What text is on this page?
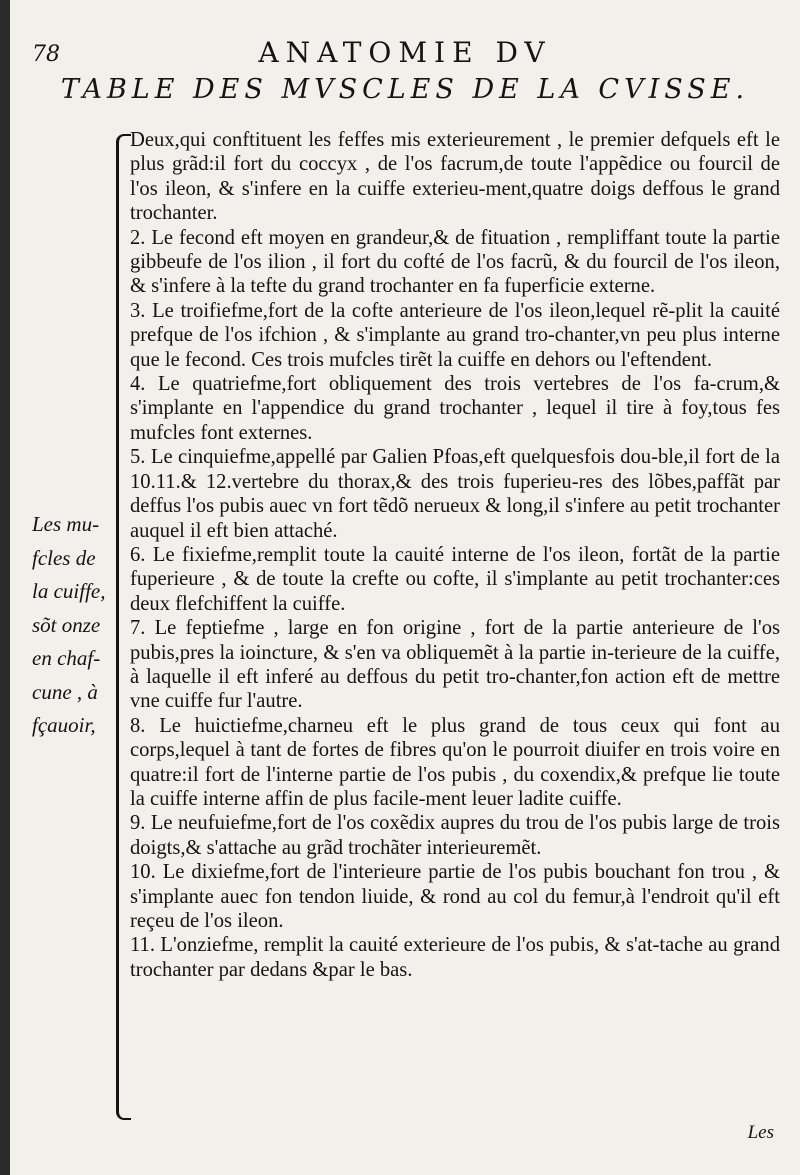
78	ANATOMIE DV
TABLE DES MVSCLES DE LA CVISSE.
Les mu-
fcles de
la cuiffe,
sõt onze
en chaf-
cune , à
fçauoir,

Deux,qui conftituent les feffes mis exterieurement , le premier defquels eft le plus grãd:il fort du coccyx , de l'os facrum,de toute l'appẽdice ou fourcil de l'os ileon, & s'infere en la cuiffe exterieu-ment,quatre doigs deffous le grand trochanter.

2. Le fecond eft moyen en grandeur,& de fituation , rempliffant toute la partie gibbeufe de l'os ilion , il fort du cofté de l'os facrũ, & du fourcil de l'os ileon, & s'infere à la tefte du grand trochanter en fa fuperficie externe.

3. Le troifiefme,fort de la cofte anterieure de l'os ileon,lequel rẽ-plit la cauité prefque de l'os ifchion , & s'implante au grand tro-chanter,vn peu plus interne que le fecond. Ces trois mufcles tirẽt la cuiffe en dehors ou l'eftendent.

4. Le quatriefme,fort obliquement des trois vertebres de l'os fa-crum,& s'implante en l'appendice du grand trochanter , lequel il tire à foy,tous fes mufcles font externes.

5. Le cinquiefme,appellé par Galien Pfoas,eft quelquesfois dou-ble,il fort de la 10.11.& 12.vertebre du thorax,& des trois fuperieu-res des lõbes,paffãt par deffus l'os pubis auec vn fort tẽdõ nerueux & long,il s'infere au petit trochanter auquel il eft bien attaché.

6. Le fixiefme,remplit toute la cauité interne de l'os ileon, fortãt de la partie fuperieure , & de toute la crefte ou cofte, il s'implante au petit trochanter:ces deux flefchiffent la cuiffe.

7. Le feptiefme , large en fon origine , fort de la partie anterieure de l'os pubis,pres la ioincture, & s'en va obliquemẽt à la partie in-terieure de la cuiffe, à laquelle il eft inferé au deffous du petit tro-chanter,fon action eft de mettre vne cuiffe fur l'autre.

8. Le huictiefme,charneu eft le plus grand de tous ceux qui font au corps,lequel à tant de fortes de fibres qu'on le pourroit diuifer en trois voire en quatre:il fort de l'interne partie de l'os pubis , du coxendix,& prefque lie toute la cuiffe interne affin de plus facile-ment leuer ladite cuiffe.

9. Le neufuiefme,fort de l'os coxẽdix aupres du trou de l'os pubis large de trois doigts,& s'attache au grãd trochãter interieuremẽt.

10. Le dixiefme,fort de l'interieure partie de l'os pubis bouchant fon trou , & s'implante auec fon tendon liuide, & rond au col du femur,à l'endroit qu'il eft reçeu de l'os ileon.

11. L'onziefme, remplit la cauité exterieure de l'os pubis, & s'at-tache au grand trochanter par dedans &par le bas.

Les
